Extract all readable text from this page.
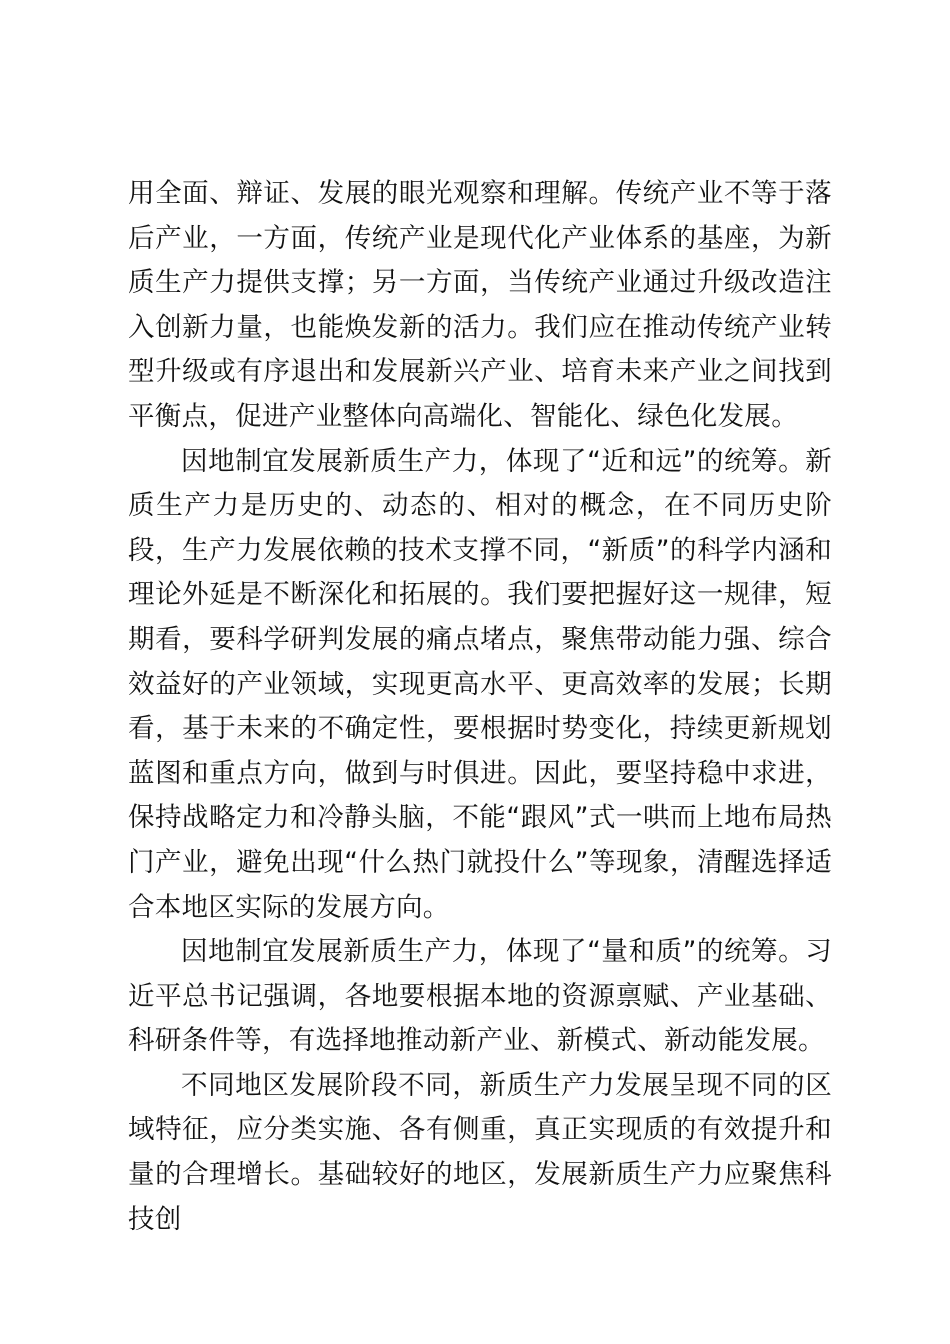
用全面、辩证、发展的眼光观察和理解。传统产业不等于落后产业，一方面，传统产业是现代化产业体系的基座，为新质生产力提供支撑；另一方面，当传统产业通过升级改造注入创新力量，也能焕发新的活力。我们应在推动传统产业转型升级或有序退出和发展新兴产业、培育未来产业之间找到平衡点，促进产业整体向高端化、智能化、绿色化发展。

因地制宜发展新质生产力，体现了“近和远”的统筹。新质生产力是历史的、动态的、相对的概念，在不同历史阶段，生产力发展依赖的技术支撑不同，“新质”的科学内涵和理论外延是不断深化和拓展的。我们要把握好这一规律，短期看，要科学研判发展的痛点堵点，聚焦带动能力强、综合效益好的产业领域，实现更高水平、更高效率的发展；长期看，基于未来的不确定性，要根据时势变化，持续更新规划蓝图和重点方向，做到与时俱进。因此，要坚持稳中求进，保持战略定力和冷静头脑，不能“跟风”式一哄而上地布局热门产业，避免出现“什么热门就投什么”等现象，清醒选择适合本地区实际的发展方向。

因地制宜发展新质生产力，体现了“量和质”的统筹。习近平总书记强调，各地要根据本地的资源禀赋、产业基础、科研条件等，有选择地推动新产业、新模式、新动能发展。

不同地区发展阶段不同，新质生产力发展呈现不同的区域特征，应分类实施、各有侧重，真正实现质的有效提升和量的合理增长。基础较好的地区，发展新质生产力应聚焦科技创
